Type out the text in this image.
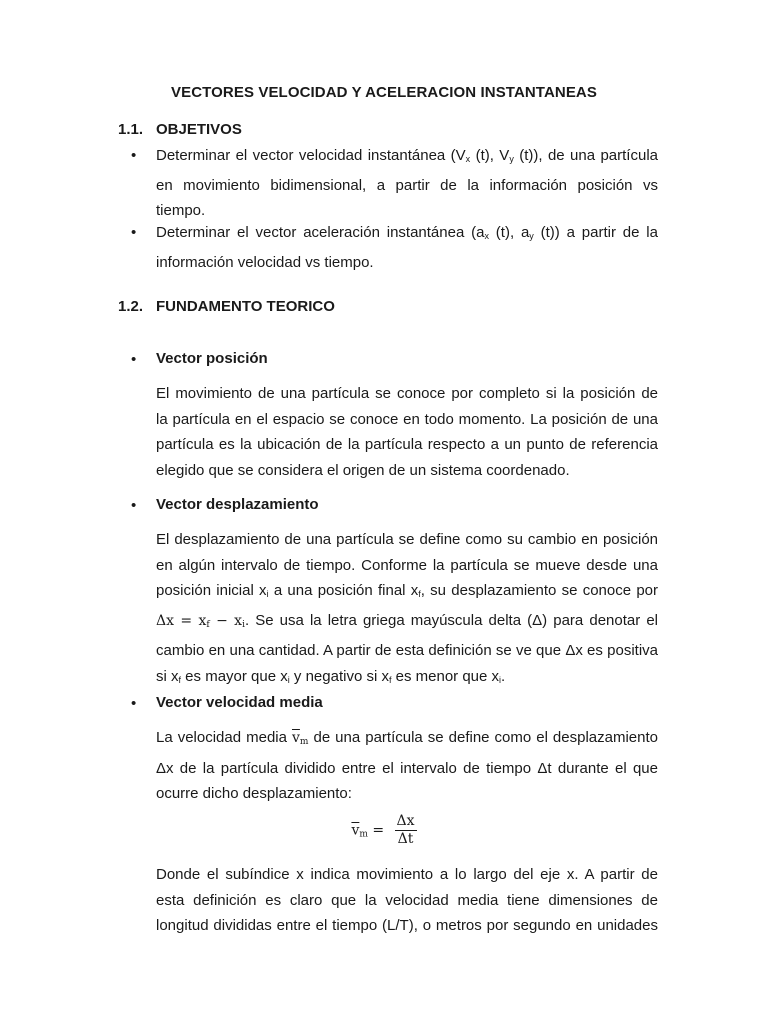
VECTORES VELOCIDAD Y ACELERACION INSTANTANEAS
1.1. OBJETIVOS
• Determinar el vector velocidad instantánea ($V_x$ (t), $V_y$ (t)), de una partícula
en movimiento bidimensional, a partir de la información posición vs
tiempo.
• Determinar el vector aceleración instantánea ($a_x$ (t), $a_y$ (t)) a partir de la
información velocidad vs tiempo.
1.2. FUNDAMENTO TEORICO
• Vector posición
El movimiento de una partícula se conoce por completo si la posición de
la partícula en el espacio se conoce en todo momento. La posición de una
partícula es la ubicación de la partícula respecto a un punto de referencia
elegido que se considera el origen de un sistema coordenado.
• Vector desplazamiento
El desplazamiento de una partícula se define como su cambio en posición
en algún intervalo de tiempo. Conforme la partícula se mueve desde una
posición inicial $x_i$ a una posición final $x_f$, su desplazamiento se conoce por
$\Delta x = x_f - x_i$. Se usa la letra griega mayúscula delta (Δ) para denotar el
cambio en una cantidad. A partir de esta definición se ve que Δx es positiva
si $x_f$ es mayor que $x_i$ y negativo si $x_f$ es menor que $x_i$.
• Vector velocidad media
La velocidad media $\overline{v}_m$ de una partícula se define como el desplazamiento
Δx de la partícula dividido entre el intervalo de tiempo Δt durante el que
ocurre dicho desplazamiento:
$\overline{v}_m = \frac{\Delta x}{\Delta t}$
Donde el subíndice x indica movimiento a lo largo del eje x. A partir de
esta definición es claro que la velocidad media tiene dimensiones de
longitud divididas entre el tiempo (L/T), o metros por segundo en unidades
